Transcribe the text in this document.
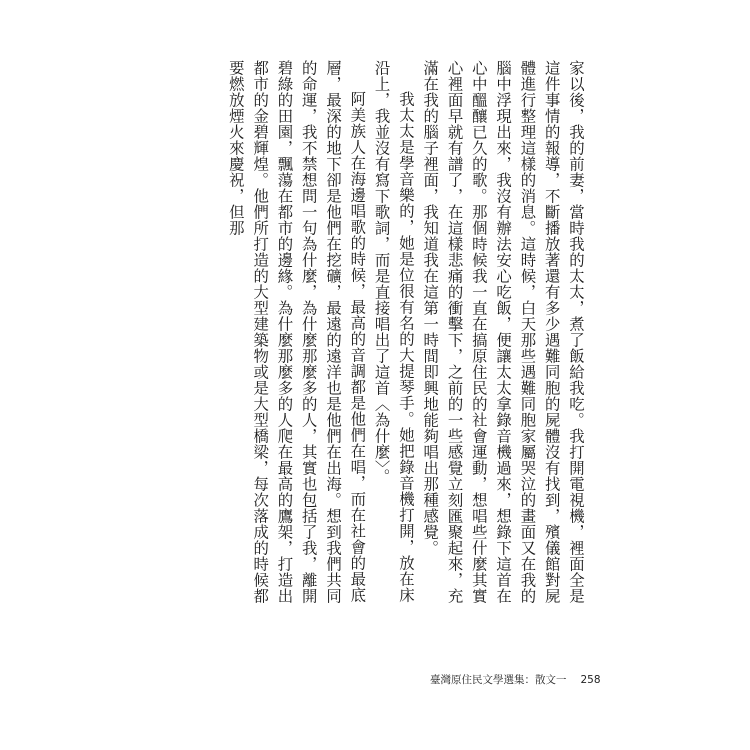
家以後，我的前妻，當時我的太太，煮了飯給我吃。我打開電視機，裡面全是這件事情的報導，不斷播放著還有多少遇難同胞的屍體沒有找到，殯儀館對屍體進行整理這樣的消息。這時候，白天那些遇難同胞家屬哭泣的畫面又在我的腦中浮現出來，我沒有辦法安心吃飯，便讓太太拿錄音機過來，想錄下這首在心中醞釀已久的歌。那個時候我一直在搞原住民的社會運動，想唱些什麼其實心裡面早就有譜了，在這樣悲痛的衝擊下，之前的一些感覺立刻匯聚起來，充滿在我的腦子裡面，我知道我在這第一時間即興地能夠唱出那種感覺。

我太太是學音樂的，她是位很有名的大提琴手。她把錄音機打開，放在床沿上，我並沒有寫下歌詞，而是直接唱出了這首〈為什麼〉。

阿美族人在海邊唱歌的時候，最高的音調都是他們在唱，而在社會的最底層，最深的地下卻是他們在挖礦，最遠的遠洋也是他們在出海。想到我們共同的命運，我不禁想問一句為什麼，為什麼那麼多的人，其實也包括了我，離開碧綠的田園，飄蕩在都市的邊緣。為什麼那麼多的人爬在最高的鷹架，打造出都市的金碧輝煌。他們所打造的大型建築物或是大型橋梁，每次落成的時候都要燃放煙火來慶祝，但那

臺灣原住民文學選集：散文一 258
